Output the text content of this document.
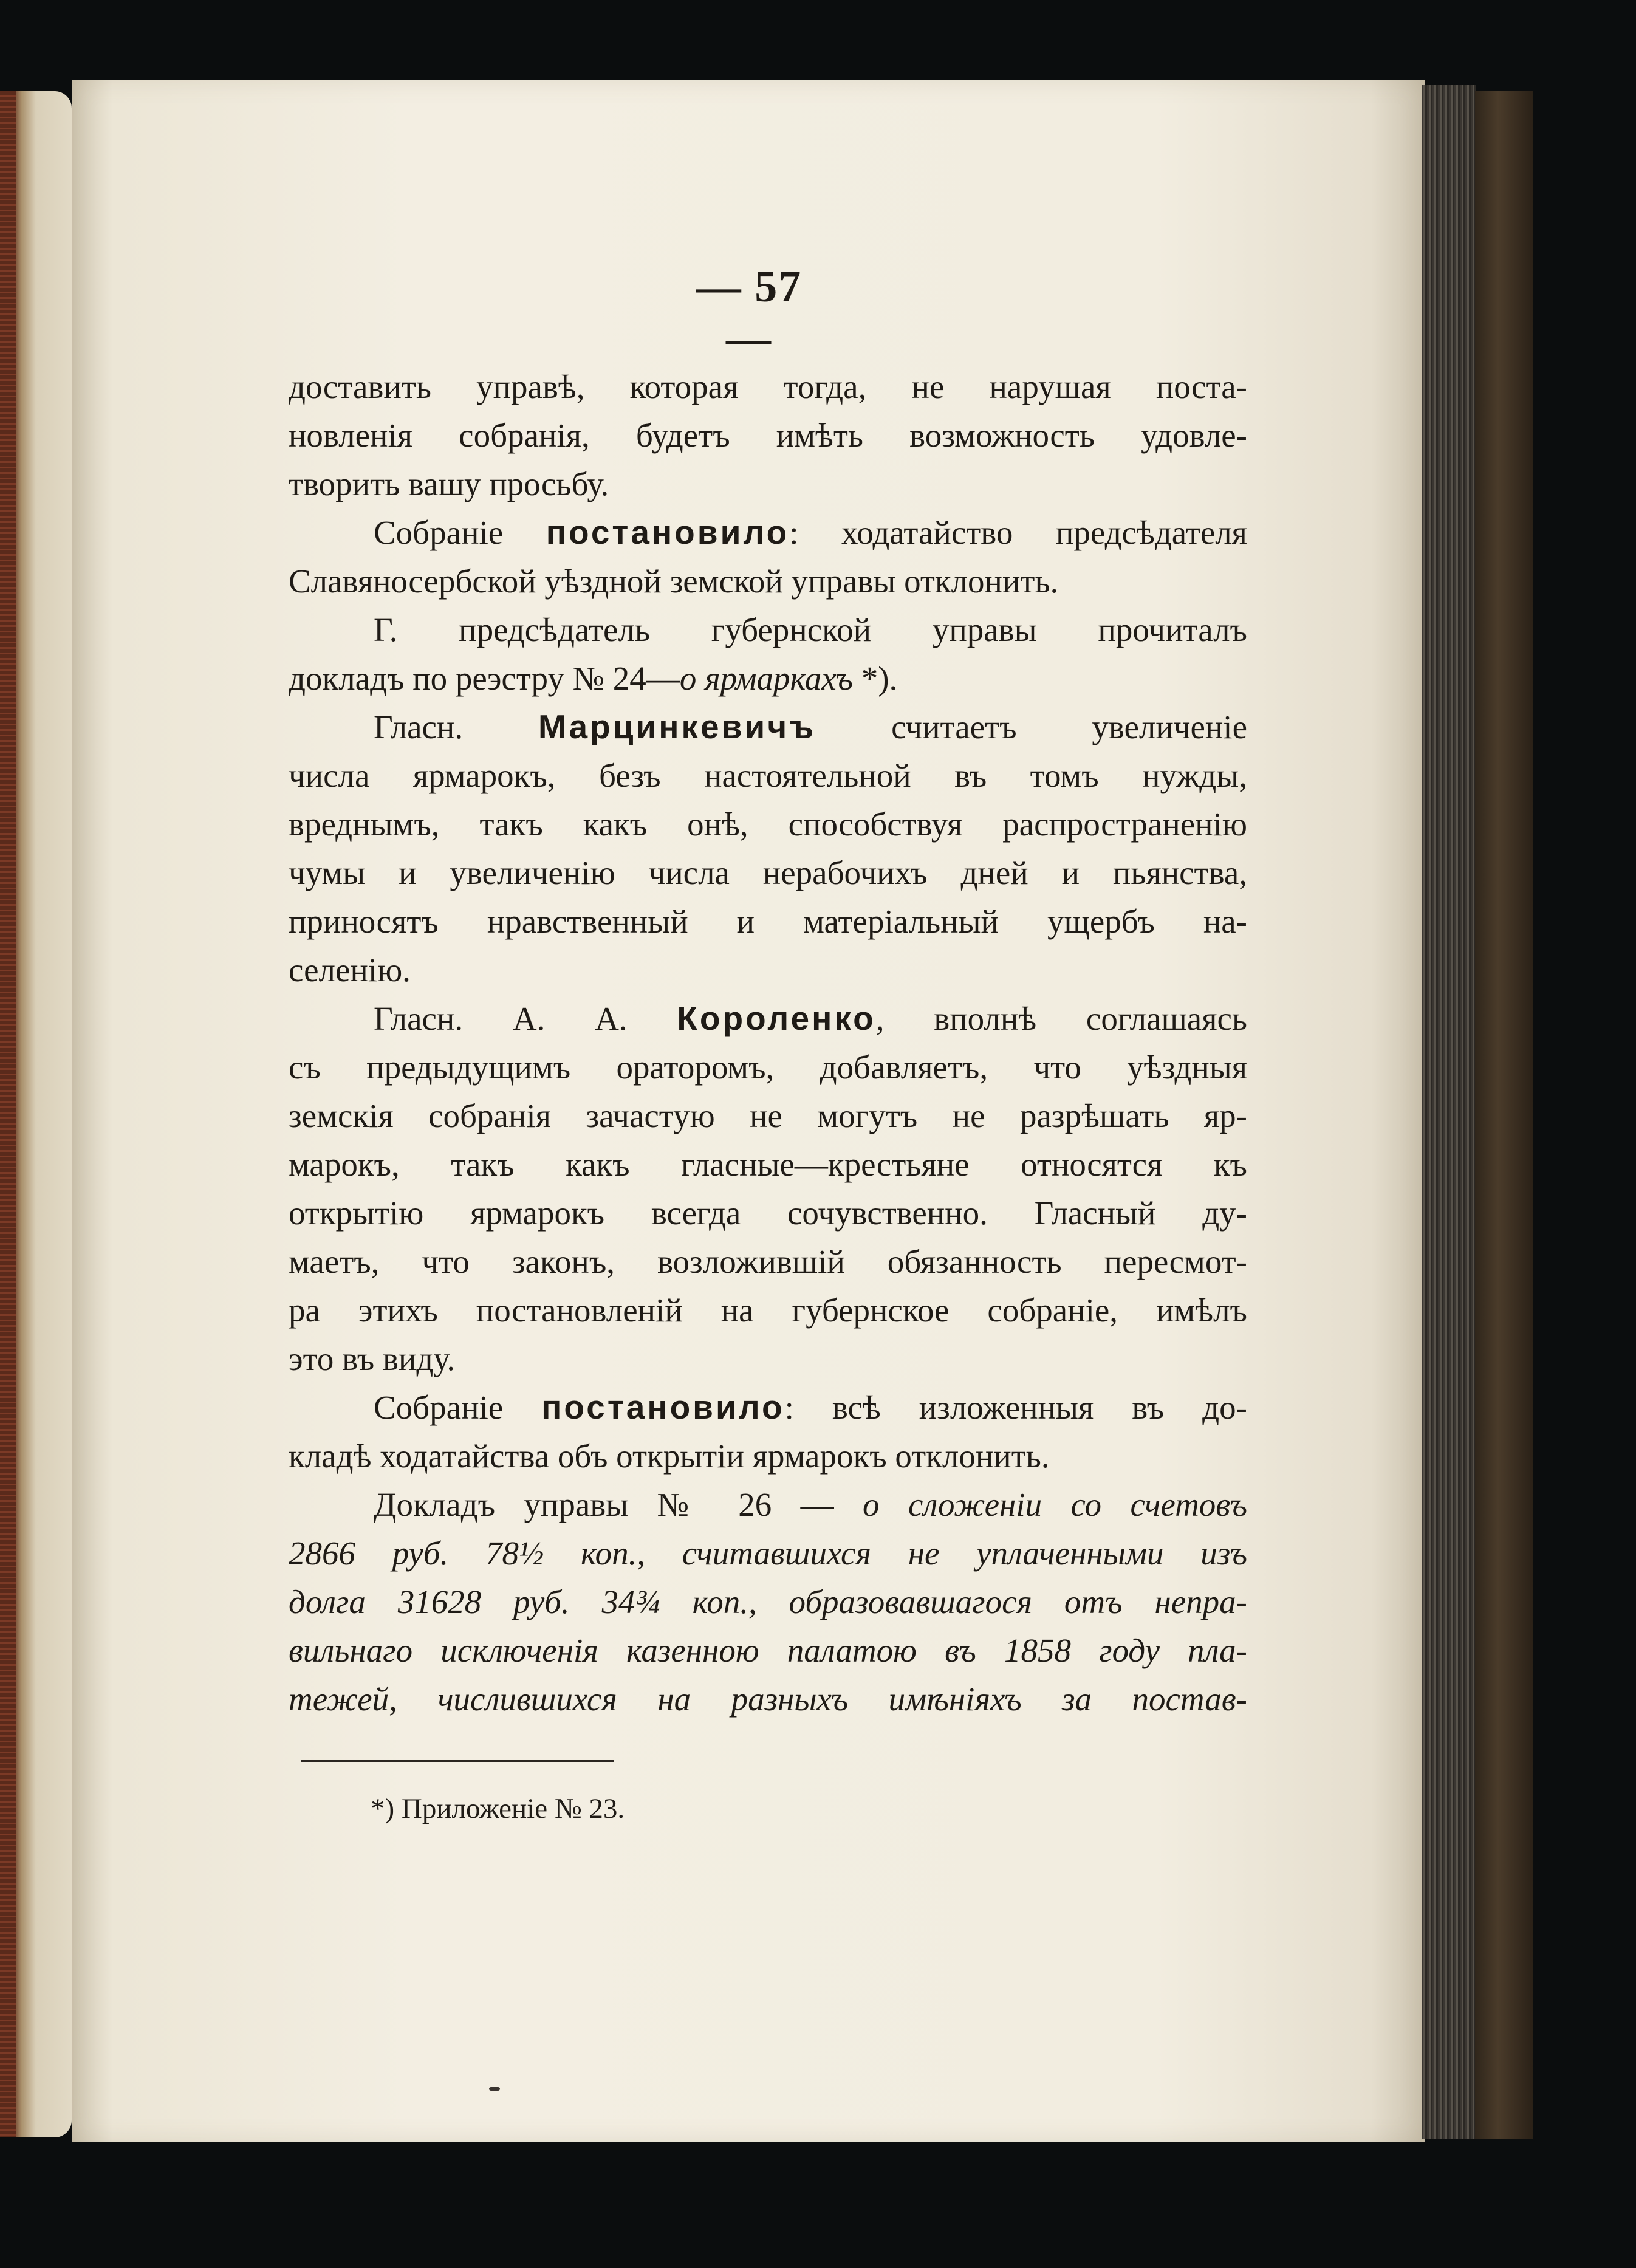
— 57 —
доставить управѣ, которая тогда, не нарушая поста-
новленія собранія, будетъ имѣть возможность удовле-
творить вашу просьбу.
Собраніе постановило: ходатайство предсѣдателя
Славяносербской уѣздной земской управы отклонить.
Г. предсѣдатель губернской управы прочиталъ
докладъ по реэстру № 24—о ярмаркахъ *).
Гласн. Марцинкевичъ считаетъ увеличеніе
числа ярмарокъ, безъ настоятельной въ томъ нужды,
вреднымъ, такъ какъ онѣ, способствуя распространенію
чумы и увеличенію числа нерабочихъ дней и пьянства,
приносятъ нравственный и матеріальный ущербъ на-
селенію.
Гласн. А. А. Короленко, вполнѣ соглашаясь
съ предыдущимъ ораторомъ, добавляетъ, что уѣздныя
земскія собранія зачастую не могутъ не разрѣшать яр-
марокъ, такъ какъ гласные—крестьяне относятся къ
открытію ярмарокъ всегда сочувственно. Гласный ду-
маетъ, что законъ, возложившій обязанность пересмот-
ра этихъ постановленій на губернское собраніе, имѣлъ
это въ виду.
Собраніе постановило: всѣ изложенныя въ до-
кладѣ ходатайства объ открытіи ярмарокъ отклонить.
Докладъ управы № 26 — о сложеніи со счетовъ
2866 руб. 78½ коп., считавшихся не уплаченными изъ
долга 31628 руб. 34¾ коп., образовавшагося отъ непра-
вильнаго исключенія казенною палатою въ 1858 году пла-
тежей, числившихся на разныхъ имѣніяхъ за постав-
*) Приложеніе № 23.
